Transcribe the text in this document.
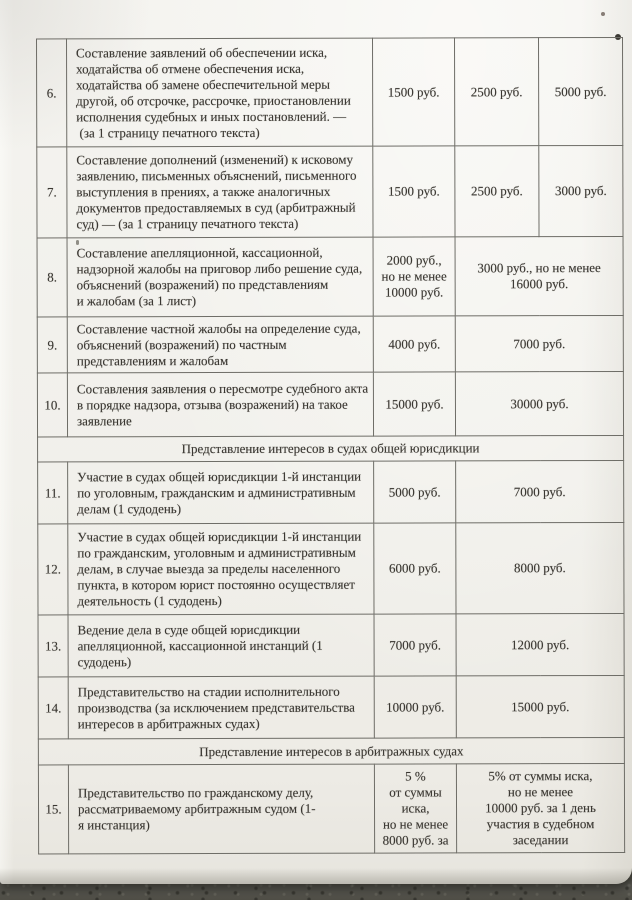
6.	Составление заявлений об обеспечении иска,
ходатайства об отмене обеспечения иска,
ходатайства об замене обеспечительной меры
другой, об отсрочке, рассрочке, приостановлении
исполнения судебных и иных постановлений. —
(за 1 страницу печатного текста)	1500 руб.	2500 руб.	5000 руб.
7.	Составление дополнений (изменений) к исковому
заявлению, письменных объяснений, письменного
выступления в прениях, а также аналогичных
документов предоставляемых в суд (арбитражный
суд) — (за 1 страницу печатного текста)	1500 руб.	2500 руб.	3000 руб.
8.	Составление апелляционной, кассационной,
надзорной жалобы на приговор либо решение суда,
объяснений (возражений) по представлениям
и жалобам (за 1 лист)	2000 руб.,
но не менее
10000 руб.	3000 руб., но не менее
16000 руб.	
9.	Составление частной жалобы на определение суда,
объяснений (возражений) по частным
представлениям и жалобам	4000 руб.	7000 руб.	
10.	Составления заявления о пересмотре судебного акта
в порядке надзора, отзыва (возражений) на такое
заявление	15000 руб.	30000 руб.	
Представление интересов в судах общей юрисдикции				
11.	Участие в судах общей юрисдикции 1-й инстанции
по уголовным, гражданским и административным
делам (1 судодень)	5000 руб.	7000 руб.	
12.	Участие в судах общей юрисдикции 1-й инстанции
по гражданским, уголовным и административным
делам, в случае выезда за пределы населенного
пункта, в котором юрист постоянно осуществляет
деятельность (1 судодень)	6000 руб.	8000 руб.	
13.	Ведение дела в суде общей юрисдикции
апелляционной, кассационной инстанций (1
судодень)	7000 руб.	12000 руб.	
14.	Представительство на стадии исполнительного
производства (за исключением представительства
интересов в арбитражных судах)	10000 руб.	15000 руб.	
Представление интересов в арбитражных судах				
15.	Представительство по гражданскому делу,
рассматриваемому арбитражным судом (1-
я инстанция)	5 %
от суммы
иска,
но не менее
8000 руб. за	5% от суммы иска,
но не менее
10000 руб. за 1 день
участия в судебном
заседании	
